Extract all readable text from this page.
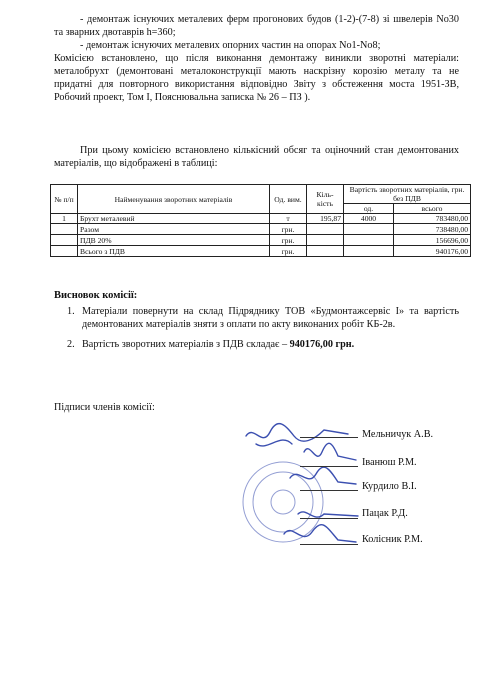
- демонтаж існуючих металевих ферм прогонових будов (1-2)-(7-8) зі швелерів No30 та зварних двотаврів h=360;

- демонтаж існуючих металевих опорних частин на опорах No1-No8;

Комісією встановлено, що після виконання демонтажу виникли зворотні матеріали: металобрухт (демонтовані металоконструкції мають наскрізну корозію металу та не придатні для повторного використання відповідно Звіту з обстеження моста 1951-ЗВ, Робочий проект, Том І, Пояснювальна записка № 26 – ПЗ ).

При цьому комісією встановлено кількісний обсяг та оціночний стан демонтованих матеріалів, що відображені в таблиці:

№ п/п	Найменування зворотних матеріалів	Од. вим.	Кіль-кість	Вартість зворотних матеріалів, грн. без ПДВ	
				од.	всього
1	Брухт металевий	т	195,87	4000	783480,00
	Разом	грн.			738480,00
	ПДВ 20%	грн.			156696,00
	Всього з ПДВ	грн.			940176,00
Висновок комісії:
1. Матеріали повернути на склад Підряднику ТОВ «Будмонтажсервіс І» та вартість демонтованих матеріалів зняти з оплати по акту виконаних робіт КБ-2в.
2. Вартість зворотних матеріалів з ПДВ складає – 940176,00 грн.
Підписи членів комісії:
Мельничук А.В.
Іванюш Р.М.
Курдило В.І.
Пацак Р.Д.
Колісник Р.М.
